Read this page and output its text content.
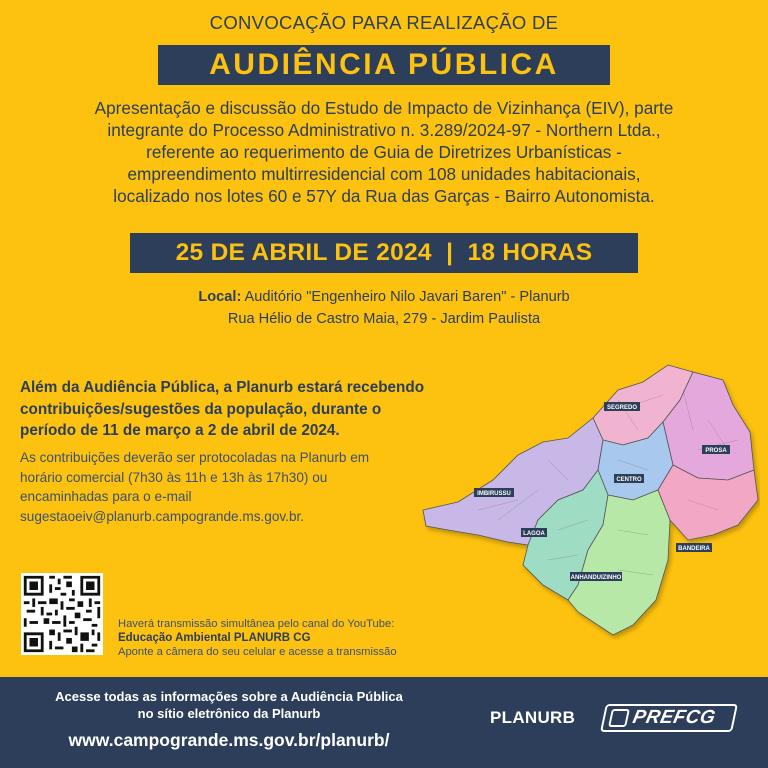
CONVOCAÇÃO PARA REALIZAÇÃO DE
AUDIÊNCIA PÚBLICA

Apresentação e discussão do Estudo de Impacto de Vizinhança (EIV), parte

integrante do Processo Administrativo n. 3.289/2024-97 - Northern Ltda.,

referente ao requerimento de Guia de Diretrizes Urbanísticas -

empreendimento multirresidencial com 108 unidades habitacionais,

localizado nos lotes 60 e 57Y da Rua das Garças - Bairro Autonomista.

25 DE ABRIL DE 2024  |  18 HORAS

Local: Auditório "Engenheiro Nilo Javari Baren" - Planurb

Rua Hélio de Castro Maia, 279 - Jardim Paulista

Além da Audiência Pública, a Planurb estará recebendo

contribuições/sugestões da população, durante o

período de 11 de março a 2 de abril de 2024.

As contribuições deverão ser protocoladas na Planurb em

horário comercial (7h30 às 11h e 13h às 17h30) ou

encaminhadas para o e-mail

sugestaoeiv@planurb.campogrande.ms.gov.br.

SEGREDO
PROSA
CENTRO
IMBIRUSSU
LAGOA
BANDEIRA
ANHANDUIZINHO

Haverá transmissão simultânea pelo canal do YouTube:

Educação Ambiental PLANURB CG

Aponte a câmera do seu celular e acesse a transmissão

Acesse todas as informações sobre a Audiência Pública

no sítio eletrônico da Planurb

www.campogrande.ms.gov.br/planurb/
PLANURB	PREFCG
